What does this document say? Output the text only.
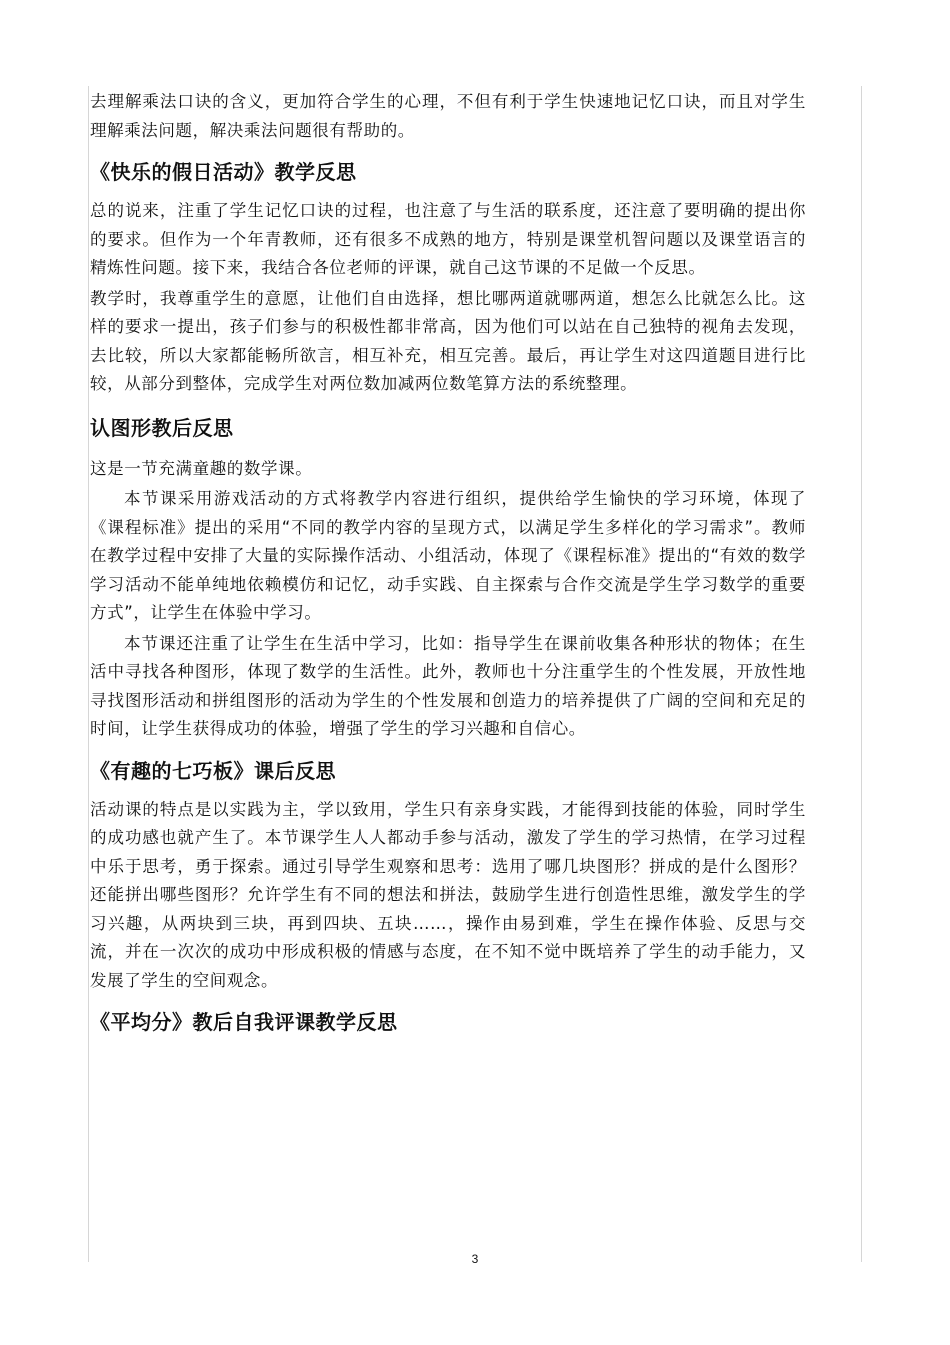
去理解乘法口诀的含义，更加符合学生的心理，不但有利于学生快速地记忆口诀，而且对学生理解乘法问题，解决乘法问题很有帮助的。

《快乐的假日活动》教学反思

总的说来，注重了学生记忆口诀的过程，也注意了与生活的联系度，还注意了要明确的提出你的要求。但作为一个年青教师，还有很多不成熟的地方，特别是课堂机智问题以及课堂语言的精炼性问题。接下来，我结合各位老师的评课，就自己这节课的不足做一个反思。

教学时，我尊重学生的意愿，让他们自由选择，想比哪两道就哪两道，想怎么比就怎么比。这样的要求一提出，孩子们参与的积极性都非常高，因为他们可以站在自己独特的视角去发现，去比较，所以大家都能畅所欲言，相互补充，相互完善。最后，再让学生对这四道题目进行比较，从部分到整体，完成学生对两位数加减两位数笔算方法的系统整理。

认图形教后反思

这是一节充满童趣的数学课。

本节课采用游戏活动的方式将教学内容进行组织，提供给学生愉快的学习环境，体现了《课程标准》提出的采用“不同的教学内容的呈现方式，以满足学生多样化的学习需求”。教师在教学过程中安排了大量的实际操作活动、小组活动，体现了《课程标准》提出的“有效的数学学习活动不能单纯地依赖模仿和记忆，动手实践、自主探索与合作交流是学生学习数学的重要方式”，让学生在体验中学习。

本节课还注重了让学生在生活中学习，比如：指导学生在课前收集各种形状的物体；在生活中寻找各种图形，体现了数学的生活性。此外，教师也十分注重学生的个性发展，开放性地寻找图形活动和拼组图形的活动为学生的个性发展和创造力的培养提供了广阔的空间和充足的时间，让学生获得成功的体验，增强了学生的学习兴趣和自信心。

《有趣的七巧板》课后反思

活动课的特点是以实践为主，学以致用，学生只有亲身实践，才能得到技能的体验，同时学生的成功感也就产生了。本节课学生人人都动手参与活动，激发了学生的学习热情，在学习过程中乐于思考，勇于探索。通过引导学生观察和思考：选用了哪几块图形？拼成的是什么图形？还能拼出哪些图形？允许学生有不同的想法和拼法，鼓励学生进行创造性思维，激发学生的学习兴趣，从两块到三块，再到四块、五块……，操作由易到难，学生在操作体验、反思与交流，并在一次次的成功中形成积极的情感与态度，在不知不觉中既培养了学生的动手能力，又发展了学生的空间观念。

《平均分》教后自我评课教学反思
3
